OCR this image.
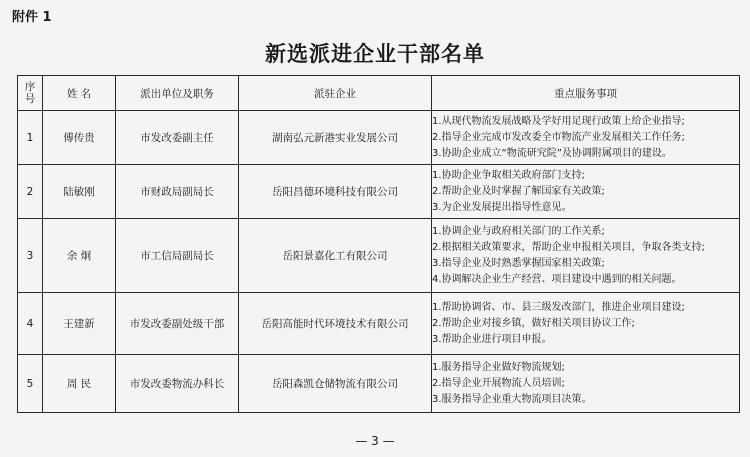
附件 1
新选派进企业干部名单
序
号	姓 名	派出单位及职务	派驻企业	重点服务事项
1	傅传贵	市发改委副主任	湖南弘元新港实业发展公司	1.从现代物流发展战略及学好用足现行政策上给企业指导;
2.指导企业完成市发改委全市物流产业发展相关工作任务;
3.协助企业成立“物流研究院”及协调附属项目的建设。

2	陆敏刚	市财政局副局长	岳阳昌德环境科技有限公司	1.协助企业争取相关政府部门支持;
2.帮助企业及时掌握了解国家有关政策;
3.为企业发展提出指导性意见。

3	余 炯	市工信局副局长	岳阳景嘉化工有限公司	1.协调企业与政府相关部门的工作关系;
2.根据相关政策要求，帮助企业申报相关项目，争取各类支持;
3.指导企业及时熟悉掌握国家相关政策;
4.协调解决企业生产经营、项目建设中遇到的相关问题。

4	王建新	市发改委副处级干部	岳阳高能时代环境技术有限公司	1.帮助协调省、市、县三级发改部门，推进企业项目建设;
2.帮助企业对接乡镇，做好相关项目协议工作;
3.帮助企业进行项目申报。

5	周 民	市发改委物流办科长	岳阳森凯仓储物流有限公司	1.服务指导企业做好物流规划;
2.指导企业开展物流人员培训;
3.服务指导企业重大物流项目决策。
— 3 —
